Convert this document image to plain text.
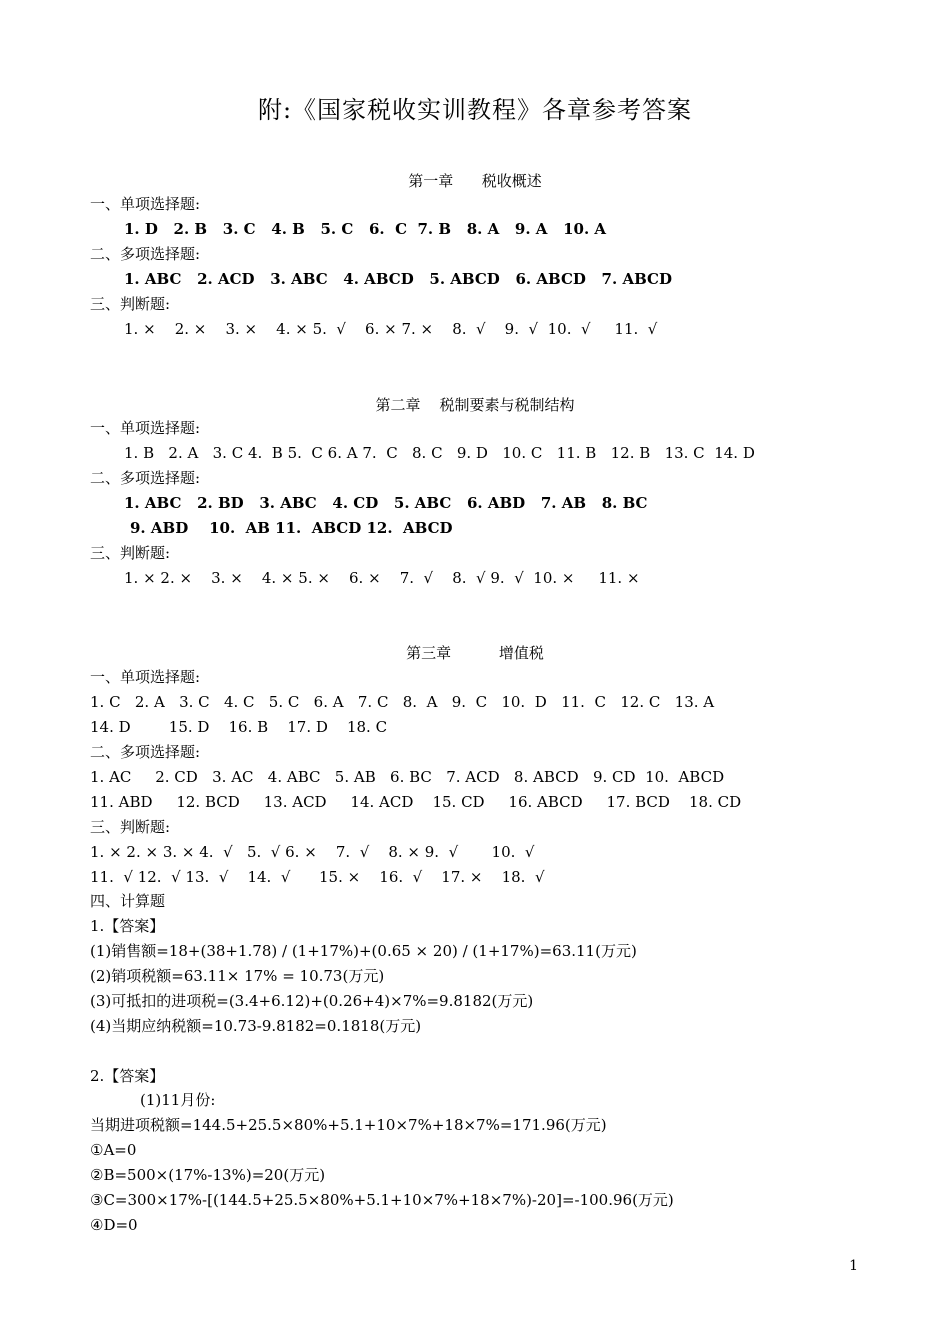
附:《国家税收实训教程》各章参考答案
第一章      税收概述
一、单项选择题:
1. D   2. B   3. C   4. B   5. C   6.  C  7. B   8. A   9. A   10. A
二、多项选择题:
1. ABC   2. ACD   3. ABC   4. ABCD   5. ABCD   6. ABCD   7. ABCD
三、判断题:
1. ×    2. ×    3. ×    4. × 5.  √    6. × 7. ×    8.  √    9.  √  10.  √     11.  √
第二章    税制要素与税制结构
一、单项选择题:
1. B   2. A   3. C 4.  B 5.  C 6. A 7.  C   8. C   9. D   10. C   11. B   12. B   13. C  14. D
二、多项选择题:
1. ABC   2. BD   3. ABC   4. CD   5. ABC   6. ABD   7. AB   8. BC
9. ABD    10.  AB 11.  ABCD 12.  ABCD
三、判断题:
1. × 2. ×    3. ×    4. × 5. ×    6. ×    7.  √    8.  √ 9.  √  10. ×     11. ×
第三章          增值税
一、单项选择题:
1. C   2. A   3. C   4. C   5. C   6. A   7. C   8.  A   9.  C   10.  D   11.  C   12. C   13. A
14. D        15. D    16. B    17. D    18. C
二、多项选择题:
1. AC     2. CD   3. AC   4. ABC   5. AB   6. BC   7. ACD   8. ABCD   9. CD  10.  ABCD
11. ABD     12. BCD     13. ACD     14. ACD    15. CD     16. ABCD     17. BCD    18. CD
三、判断题:
1. × 2. × 3. × 4.  √   5.  √ 6. ×    7.  √    8. × 9.  √       10.  √
11.  √ 12.  √ 13.  √    14.  √      15. ×    16.  √    17. ×    18.  √
四、计算题
1.【答案】
(1)销售额=18+(38+1.78) / (1+17%)+(0.65 × 20) / (1+17%)=63.11(万元)
(2)销项税额=63.11× 17% = 10.73(万元)
(3)可抵扣的进项税=(3.4+6.12)+(0.26+4)×7%=9.8182(万元)
(4)当期应纳税额=10.73-9.8182=0.1818(万元)
2.【答案】
(1)11月份:
当期进项税额=144.5+25.5×80%+5.1+10×7%+18×7%=171.96(万元)
①A=0
②B=500×(17%-13%)=20(万元)
③C=300×17%-[(144.5+25.5×80%+5.1+10×7%+18×7%)-20]=-100.96(万元)
④D=0
1
